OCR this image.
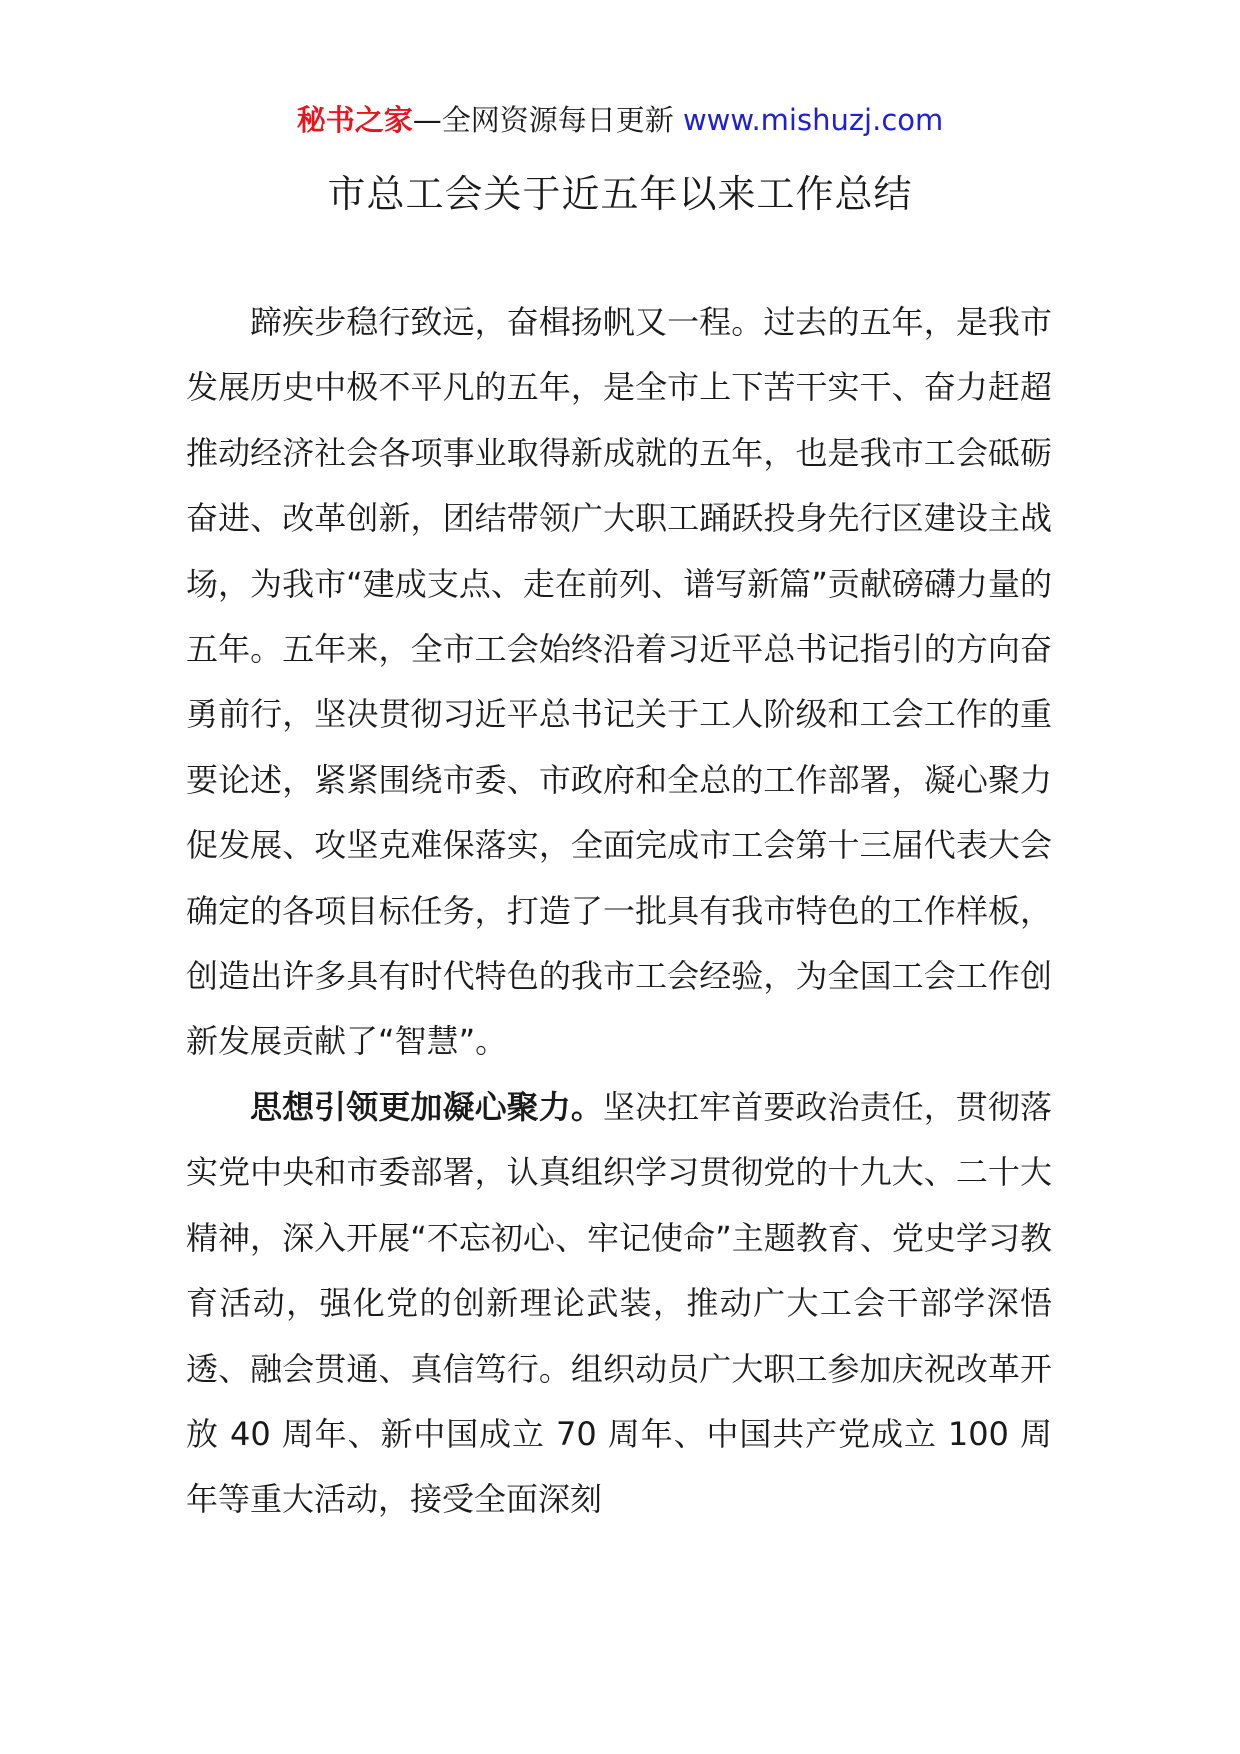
秘书之家—全网资源每日更新 www.mishuzj.com
市总工会关于近五年以来工作总结

蹄疾步稳行致远，奋楫扬帆又一程。过去的五年，是我市发展历史中极不平凡的五年，是全市上下苦干实干、奋力赶超推动经济社会各项事业取得新成就的五年，也是我市工会砥砺奋进、改革创新，团结带领广大职工踊跃投身先行区建设主战场，为我市“建成支点、走在前列、谱写新篇”贡献磅礴力量的五年。五年来，全市工会始终沿着习近平总书记指引的方向奋勇前行，坚决贯彻习近平总书记关于工人阶级和工会工作的重要论述，紧紧围绕市委、市政府和全总的工作部署，凝心聚力促发展、攻坚克难保落实，全面完成市工会第十三届代表大会确定的各项目标任务，打造了一批具有我市特色的工作样板，创造出许多具有时代特色的我市工会经验，为全国工会工作创新发展贡献了“智慧”。

思想引领更加凝心聚力。坚决扛牢首要政治责任，贯彻落实党中央和市委部署，认真组织学习贯彻党的十九大、二十大精神，深入开展“不忘初心、牢记使命”主题教育、党史学习教育活动，强化党的创新理论武装，推动广大工会干部学深悟透、融会贯通、真信笃行。组织动员广大职工参加庆祝改革开放 40 周年、新中国成立 70 周年、中国共产党成立 100 周年等重大活动，接受全面深刻
